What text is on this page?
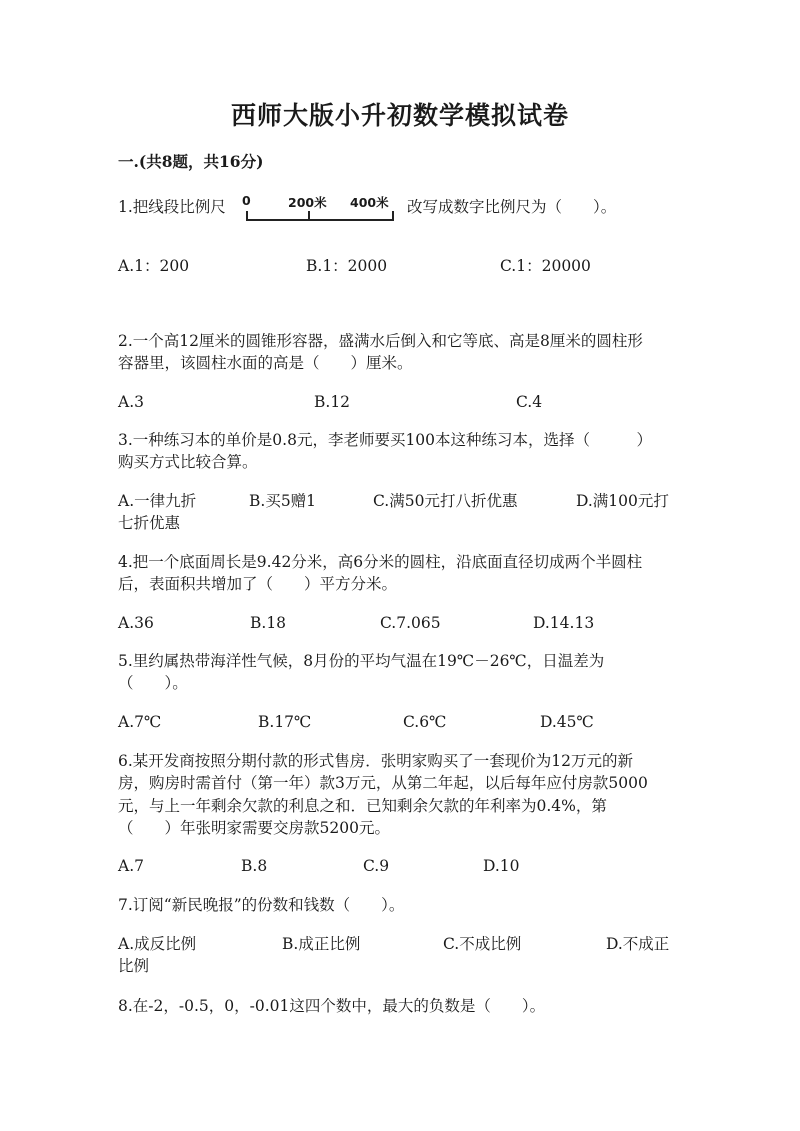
西师大版小升初数学模拟试卷
一.(共8题，共16分)
1.把线段比例尺 0	200米 400米 改写成数字比例尺为（　　）。
A.1：200	B.1：2000	C.1：20000
2.一个高12厘米的圆锥形容器，盛满水后倒入和它等底、高是8厘米的圆柱形
容器里，该圆柱水面的高是（　　）厘米。
A.3	B.12	C.4
3.一种练习本的单价是0.8元，李老师要买100本这种练习本，选择（　　　）
购买方式比较合算。
A.一律九折	B.买5赠1	C.满50元打八折优惠	D.满100元打
七折优惠
4.把一个底面周长是9.42分米，高6分米的圆柱，沿底面直径切成两个半圆柱
后，表面积共增加了（　　）平方分米。
A.36	B.18	C.7.065	D.14.13
5.里约属热带海洋性气候，8月份的平均气温在19℃－26℃，日温差为
（　　）。
A.7℃	B.17℃	C.6℃	D.45℃
6.某开发商按照分期付款的形式售房．张明家购买了一套现价为12万元的新
房，购房时需首付（第一年）款3万元，从第二年起，以后每年应付房款5000
元，与上一年剩余欠款的利息之和．已知剩余欠款的年利率为0.4%，第
（　　）年张明家需要交房款5200元。
A.7	B.8	C.9	D.10
7.订阅“新民晚报”的份数和钱数（　　）。
A.成反比例	B.成正比例	C.不成比例	D.不成正
比例
8.在-2，-0.5，0，-0.01这四个数中，最大的负数是（　　）。
